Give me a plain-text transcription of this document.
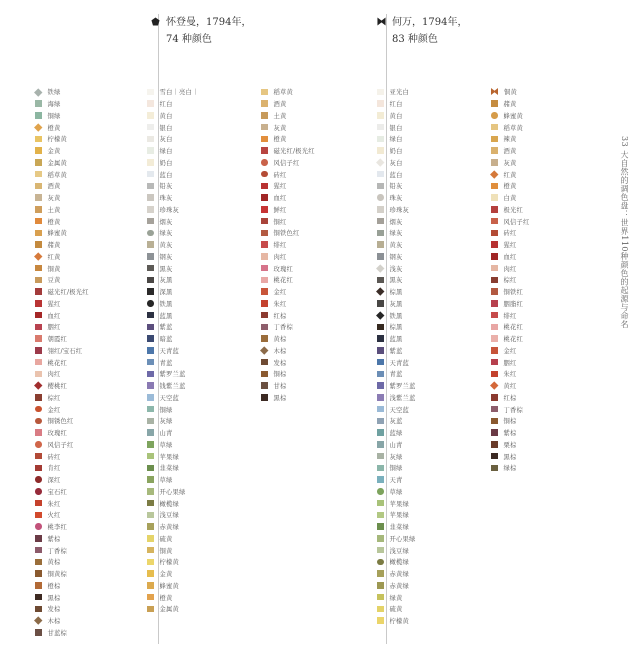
怀登曼，1794年，
74 种颜色
何万，1794年，
83 种颜色
铁绿
海绿
铜绿
橙黄
柠檬黄
金黄
金属黄
稻草黄
酒黄
灰黄
土黄
橙黄
蜂蜜黄
赭黄
红黄
铜黄
豆黄
磁光红/极光红
猩红
血红
胭红
朝霞红
翎红/宝石红
桃花红
肉红
樱桃红
棕红
金红
铜锈色红
玫瑰红
风信子红
砖红
肯红
深红
宝石红
朱红
火红
桃李红
紫棕
丁香棕
黄棕
铜黄棕
橙棕
黑棕
发棕
木棕
甘蓝棕
雪白｜亮白｜
红白
黄白
银白
灰白
绿白
奶白
蓝白
铅灰
珠灰
珍珠灰
烟灰
绿灰
黄灰
钢灰
黑灰
灰黑
深黑
铁黑
蓝黑
紫蓝
暗蓝
天青蓝
青蓝
紫罗兰蓝
钱紫兰蓝
天空蓝
铜绿
灰绿
山青
草绿
苹果绿
韭菜绿
草绿
开心果绿
橄榄绿
浅豆绿
赤黄绿
硫黄
铜黄
柠檬黄
金黄
蜂蜜黄
橙黄
金属黄
稻草黄
酒黄
土黄
灰黄
橙黄
磁光红/极光红
风信子红
砖红
猩红
血红
鲜红
铜红
铜铁色红
绯红
肉红
玫瑰红
桃花红
金红
朱红
红棕
丁香棕
黄棕
木棕
发棕
铜棕
甘棕
黑棕
亚光白
红白
黄白
银白
绿白
奶白
灰白
蓝白
铅灰
珠灰
珍珠灰
烟灰
绿灰
黄灰
钢灰
浅灰
黑灰
棕黑
灰黑
铁黑
棕黑
蓝黑
紫蓝
天青蓝
青蓝
紫罗兰蓝
浅紫兰蓝
天空蓝
灰蓝
蓝绿
山青
灰绿
铜绿
天青
草绿
苹果绿
苹果绿
韭菜绿
开心果绿
浅豆绿
橄榄绿
赤黄绿
赤黄绿
绿黄
硫黄
柠檬黄
铜黄
赭黄
蜂蜜黄
稻草黄
辣黄
酒黄
灰黄
红黄
橙黄
白黄
极光红
风信子红
砖红
猩红
血红
肉红
棕红
铜铁红
胭脂红
绯红
桃花红
桃花红
金红
胭红
朱红
黄红
红棕
丁香棕
铜棕
紫棕
栗棕
黑棕
绿棕
33 大自然的调色盘：世界110种颜色的起源与命名
